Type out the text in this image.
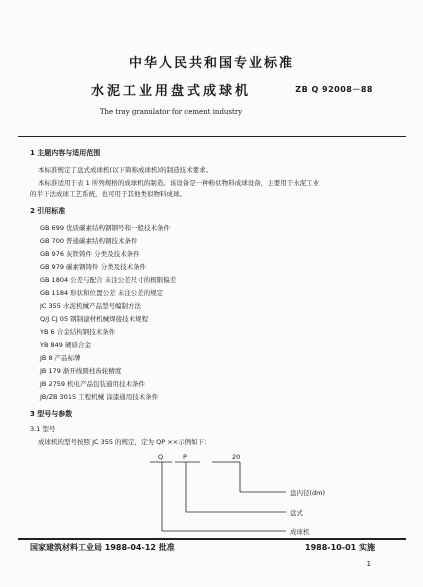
中华人民共和国专业标准
ZB Q 92008－88
水泥工业用盘式成球机
The tray granulator for cement industry
1 主题内容与适用范围
本标准规定了盘式成球机(以下简称成球机)的制造技术要求。
本标准适用于表 1 所列规格的成球机的制造。该设备是一种粉状物料成球设备，主要用于水泥工业
的半干法成球工艺系统，也可用于其他类似物料成球。
2 引用标准
GB 699 优质碳素结构钢钢号和一般技术条件
GB 700 普通碳素结构钢技术条件
GB 976 灰铁铸件 分类及技术条件
GB 979 碳素钢铸件 分类及技术条件
GB 1804 公差与配合 未注公差尺寸的极限偏差
GB 1184 形状和位置公差 未注公差的规定
JC 355 水泥机械产品型号编制方法
Q/J CJ 05 钢制建材机械焊接技术规程
YB 6 合金结构钢技术条件
YB 849 硬质合金
JB 8 产品标牌
JB 179 渐开线圆柱齿轮精度
JB 2759 机电产品包装通用技术条件
JB/ZB 3015 工程机械 涂漆通用技术条件
3 型号与参数
3.1 型号
成球机的型号按照 JC 355 的规定，定为 QP ××示例如下：
Q	P	20
盘内径(dm)
盘式
成球机
国家建筑材料工业局 1988-04-12 批准	1988-10-01 实施
1
